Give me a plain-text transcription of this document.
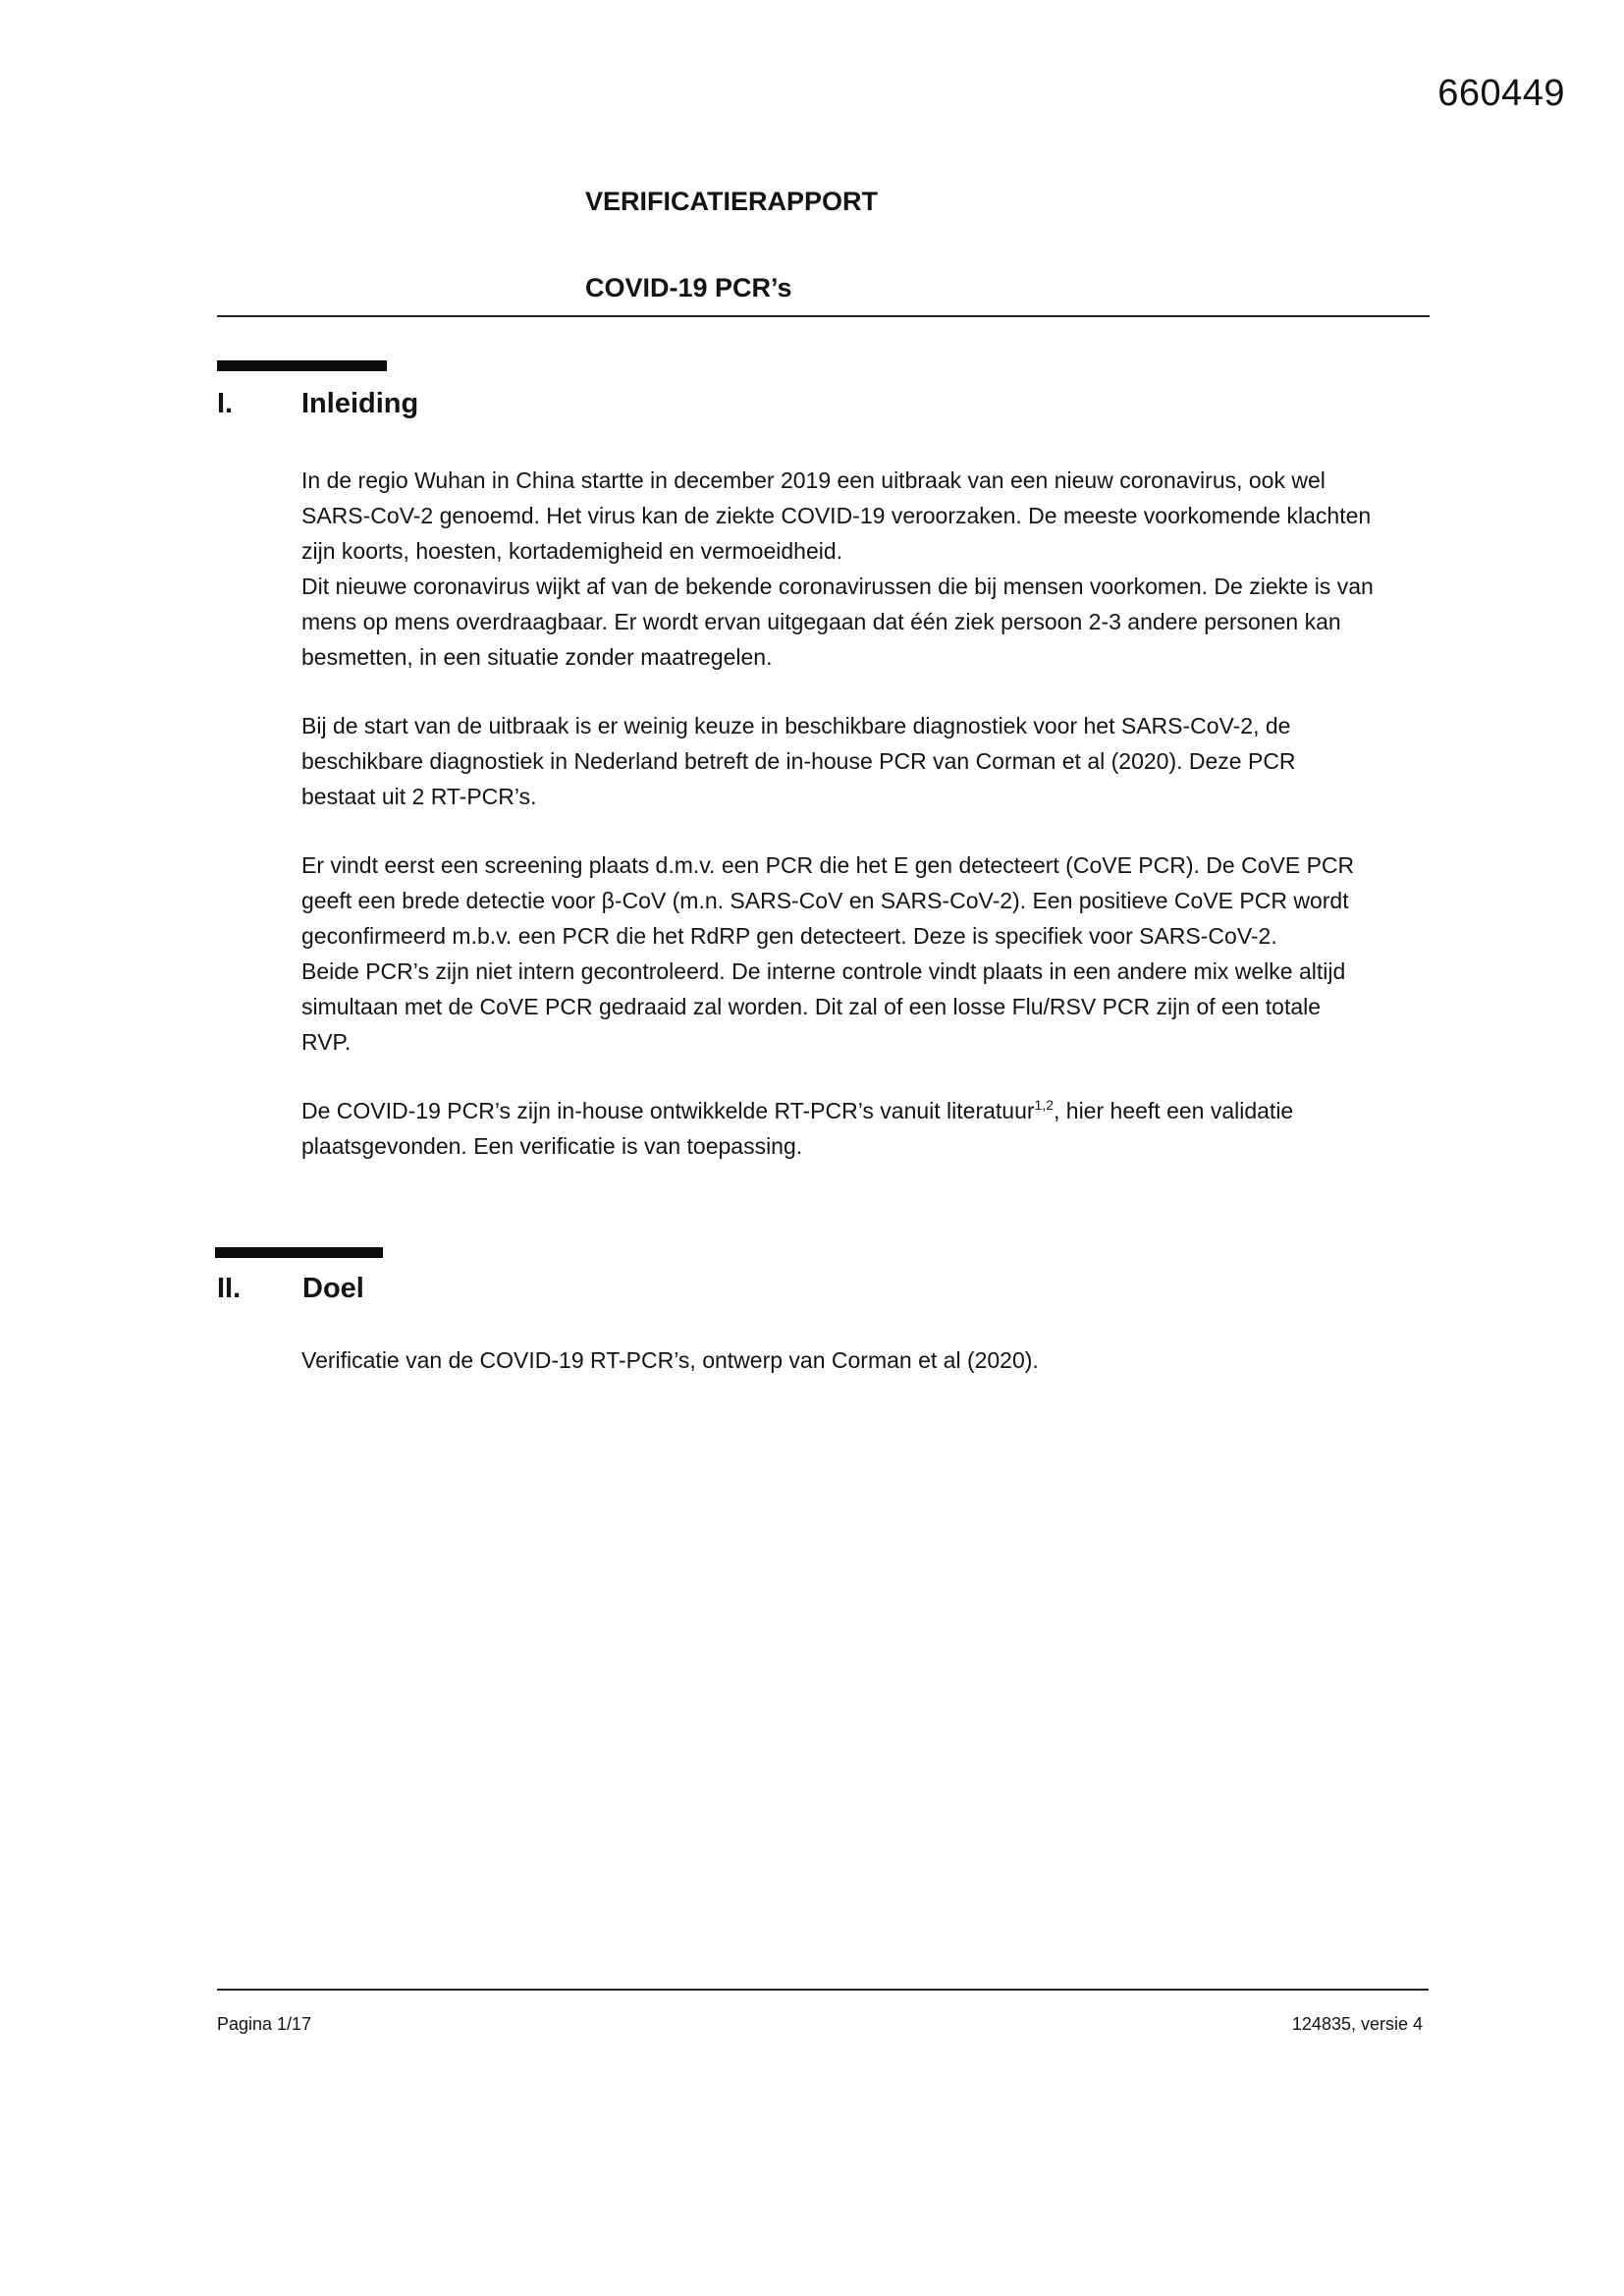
660449
VERIFICATIERAPPORT
COVID-19 PCR’s
I. Inleiding
In de regio Wuhan in China startte in december 2019 een uitbraak van een nieuw coronavirus, ook wel
SARS-CoV-2 genoemd. Het virus kan de ziekte COVID-19 veroorzaken. De meeste voorkomende klachten
zijn koorts, hoesten, kortademigheid en vermoeidheid.
Dit nieuwe coronavirus wijkt af van de bekende coronavirussen die bij mensen voorkomen. De ziekte is van
mens op mens overdraagbaar. Er wordt ervan uitgegaan dat één ziek persoon 2-3 andere personen kan
besmetten, in een situatie zonder maatregelen.
Bij de start van de uitbraak is er weinig keuze in beschikbare diagnostiek voor het SARS-CoV-2, de
beschikbare diagnostiek in Nederland betreft de in-house PCR van Corman et al (2020). Deze PCR
bestaat uit 2 RT-PCR’s.
Er vindt eerst een screening plaats d.m.v. een PCR die het E gen detecteert (CoVE PCR). De CoVE PCR
geeft een brede detectie voor β-CoV (m.n. SARS-CoV en SARS-CoV-2). Een positieve CoVE PCR wordt
geconfirmeerd m.b.v. een PCR die het RdRP gen detecteert. Deze is specifiek voor SARS-CoV-2.
Beide PCR’s zijn niet intern gecontroleerd. De interne controle vindt plaats in een andere mix welke altijd
simultaan met de CoVE PCR gedraaid zal worden. Dit zal of een losse Flu/RSV PCR zijn of een totale
RVP.
De COVID-19 PCR’s zijn in-house ontwikkelde RT-PCR’s vanuit literatuur$^{1,2}$, hier heeft een validatie
plaatsgevonden. Een verificatie is van toepassing.
II. Doel
Verificatie van de COVID-19 RT-PCR’s, ontwerp van Corman et al (2020).
Pagina 1/17	124835, versie 4
